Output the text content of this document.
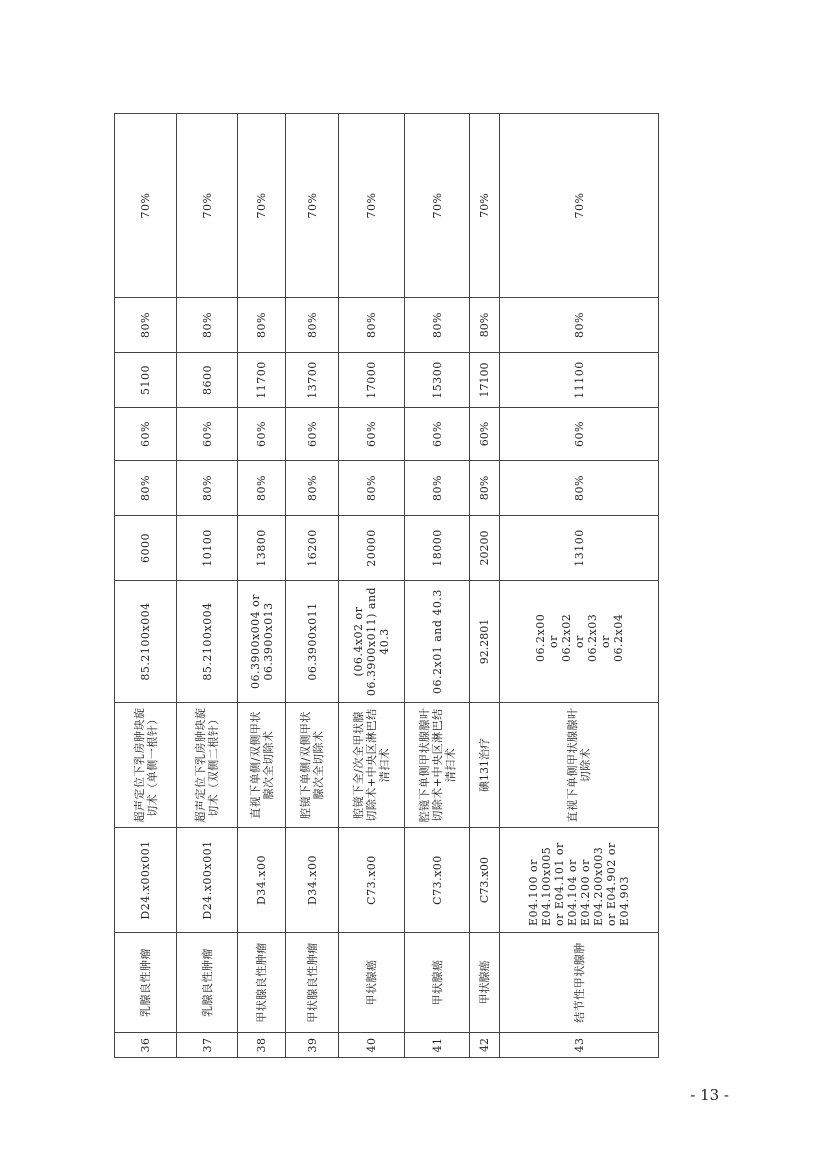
36	乳腺良性肿瘤	D24.x00x001	超声定位下乳房肿块旋切术（单侧一根针）	85.2100x004	6000	80%	60%	5100	80%	70%	
37	乳腺良性肿瘤	D24.x00x001	超声定位下乳房肿块旋切术（双侧二根针）	85.2100x004	10100	80%	60%	8600	80%	70%	
38	甲状腺良性肿瘤	D34.x00	直视下单侧/双侧甲状腺次全切除术	06.3900x004 or 06.3900x013	13800	80%	60%	11700	80%	70%	
39	甲状腺良性肿瘤	D34.x00	腔镜下单侧/双侧甲状腺次全切除术	06.3900x011	16200	80%	60%	13700	80%	70%	
40	甲状腺癌	C73.x00	腔镜下全/次全甲状腺切除术+中央区淋巴结清扫术	(06.4x02 or 06.3900x011) and 40.3	20000	80%	60%	17000	80%	70%	
41	甲状腺癌	C73.x00	腔镜下单侧甲状腺腺叶切除术+中央区淋巴结清扫术	06.2x01 and 40.3	18000	80%	60%	15300	80%	70%	
42	甲状腺癌	C73.x00	碘131治疗	92.2801	20200	80%	60%	17100	80%	70%	
43	结节性甲状腺肿	E04.100 or E04.100x005 or E04.101 or E04.104 or E04.200 or E04.200x003 or E04.902 or E04.903	直视下单侧甲状腺腺叶切除术	06.2x00 or 06.2x02 or 06.2x03 or 06.2x04	13100	80%	60%	11100	80%	70%	
- 13 -
